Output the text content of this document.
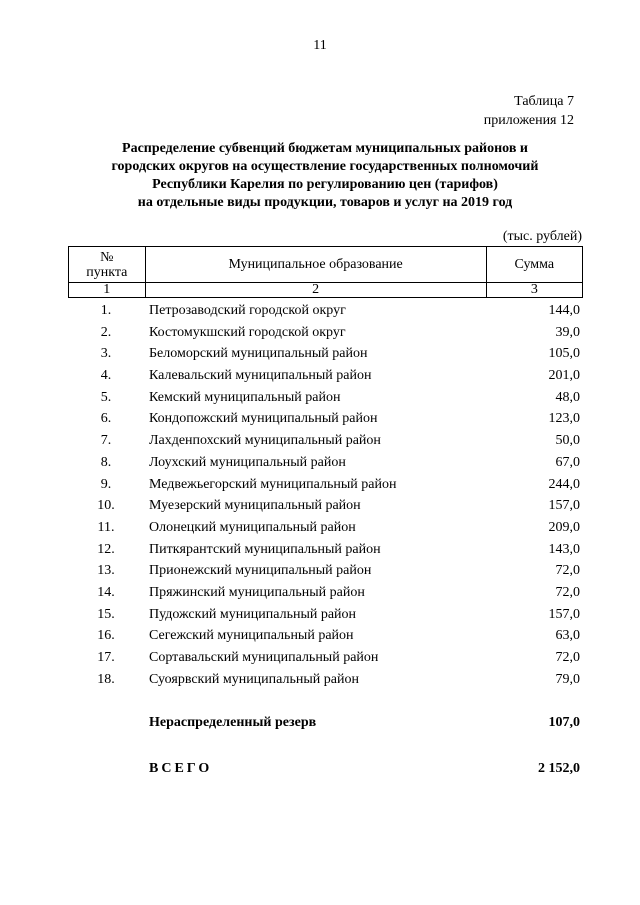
11
Таблица 7
приложения 12
Распределение субвенций бюджетам муниципальных районов и
городских округов на осуществление государственных полномочий
Республики Карелия по регулированию цен (тарифов)
на отдельные виды продукции, товаров и услуг на 2019 год
(тыс. рублей)
№
пункта	Муниципальное образование	Сумма
1	2	3
1.	Петрозаводский городской округ	144,0
2.	Костомукшский городской округ	39,0
3.	Беломорский муниципальный район	105,0
4.	Калевальский муниципальный район	201,0
5.	Кемский муниципальный район	48,0
6.	Кондопожский муниципальный район	123,0
7.	Лахденпохский муниципальный район	50,0
8.	Лоухский муниципальный район	67,0
9.	Медвежьегорский муниципальный район	244,0
10.	Муезерский муниципальный район	157,0
11.	Олонецкий муниципальный район	209,0
12.	Питкярантский муниципальный район	143,0
13.	Прионежский муниципальный район	72,0
14.	Пряжинский муниципальный район	72,0
15.	Пудожский муниципальный район	157,0
16.	Сегежский муниципальный район	63,0
17.	Сортавальский муниципальный район	72,0
18.	Суоярвский муниципальный район	79,0
Нераспределенный резерв	107,0
ВСЕГО	2 152,0
